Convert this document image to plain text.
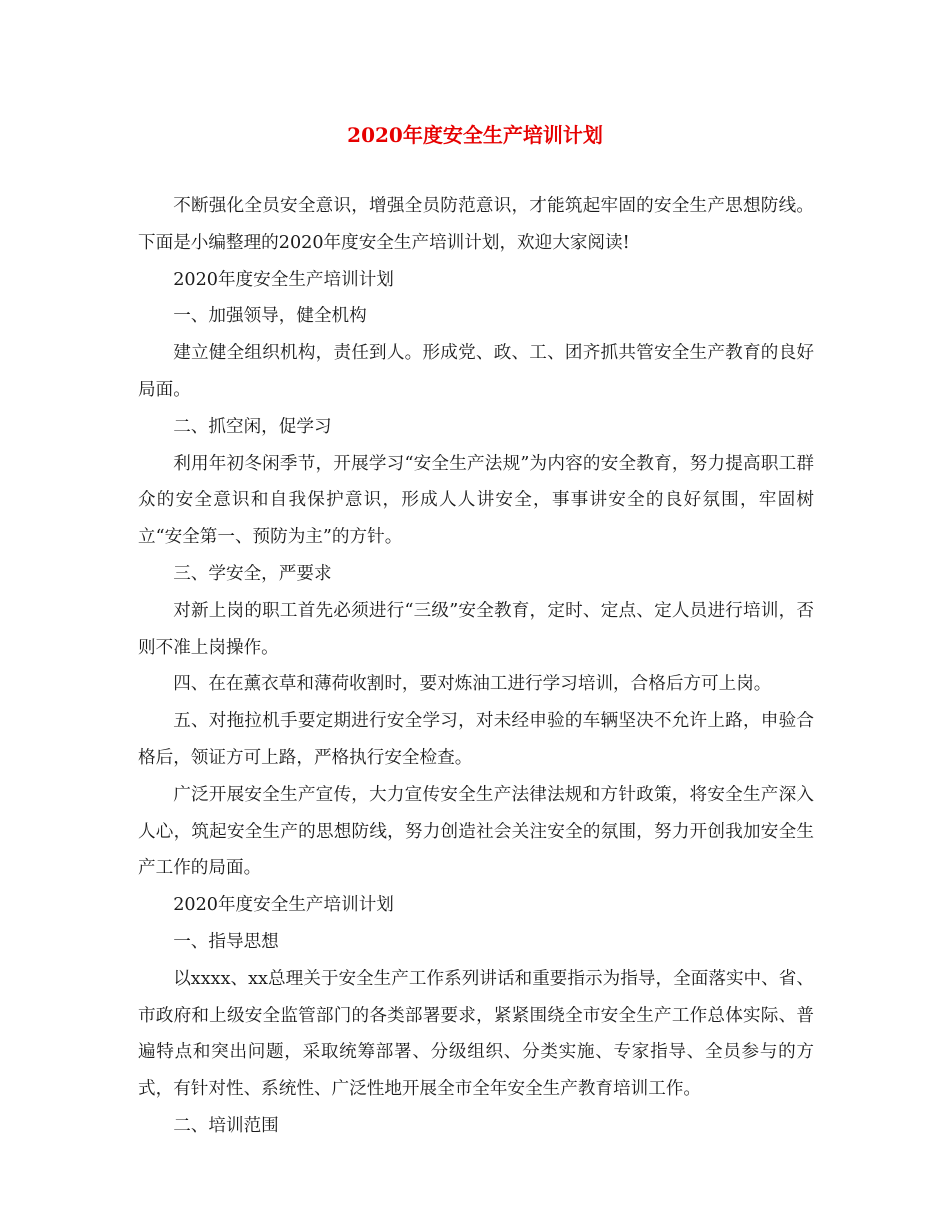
2020年度安全生产培训计划

不断强化全员安全意识，增强全员防范意识，才能筑起牢固的安全生产思想防线。下面是小编整理的2020年度安全生产培训计划，欢迎大家阅读!

2020年度安全生产培训计划

一、加强领导，健全机构

建立健全组织机构，责任到人。形成党、政、工、团齐抓共管安全生产教育的良好局面。

二、抓空闲，促学习

利用年初冬闲季节，开展学习“安全生产法规”为内容的安全教育，努力提高职工群众的安全意识和自我保护意识，形成人人讲安全，事事讲安全的良好氛围，牢固树立“安全第一、预防为主”的方针。

三、学安全，严要求

对新上岗的职工首先必须进行“三级”安全教育，定时、定点、定人员进行培训，否则不准上岗操作。

四、在在薰衣草和薄荷收割时，要对炼油工进行学习培训，合格后方可上岗。

五、对拖拉机手要定期进行安全学习，对未经申验的车辆坚决不允许上路，申验合格后，领证方可上路，严格执行安全检查。

广泛开展安全生产宣传，大力宣传安全生产法律法规和方针政策，将安全生产深入人心，筑起安全生产的思想防线，努力创造社会关注安全的氛围，努力开创我加安全生产工作的局面。

2020年度安全生产培训计划

一、指导思想

以xxxx、xx总理关于安全生产工作系列讲话和重要指示为指导，全面落实中、省、市政府和上级安全监管部门的各类部署要求，紧紧围绕全市安全生产工作总体实际、普遍特点和突出问题，采取统筹部署、分级组织、分类实施、专家指导、全员参与的方式，有针对性、系统性、广泛性地开展全市全年安全生产教育培训工作。

二、培训范围
